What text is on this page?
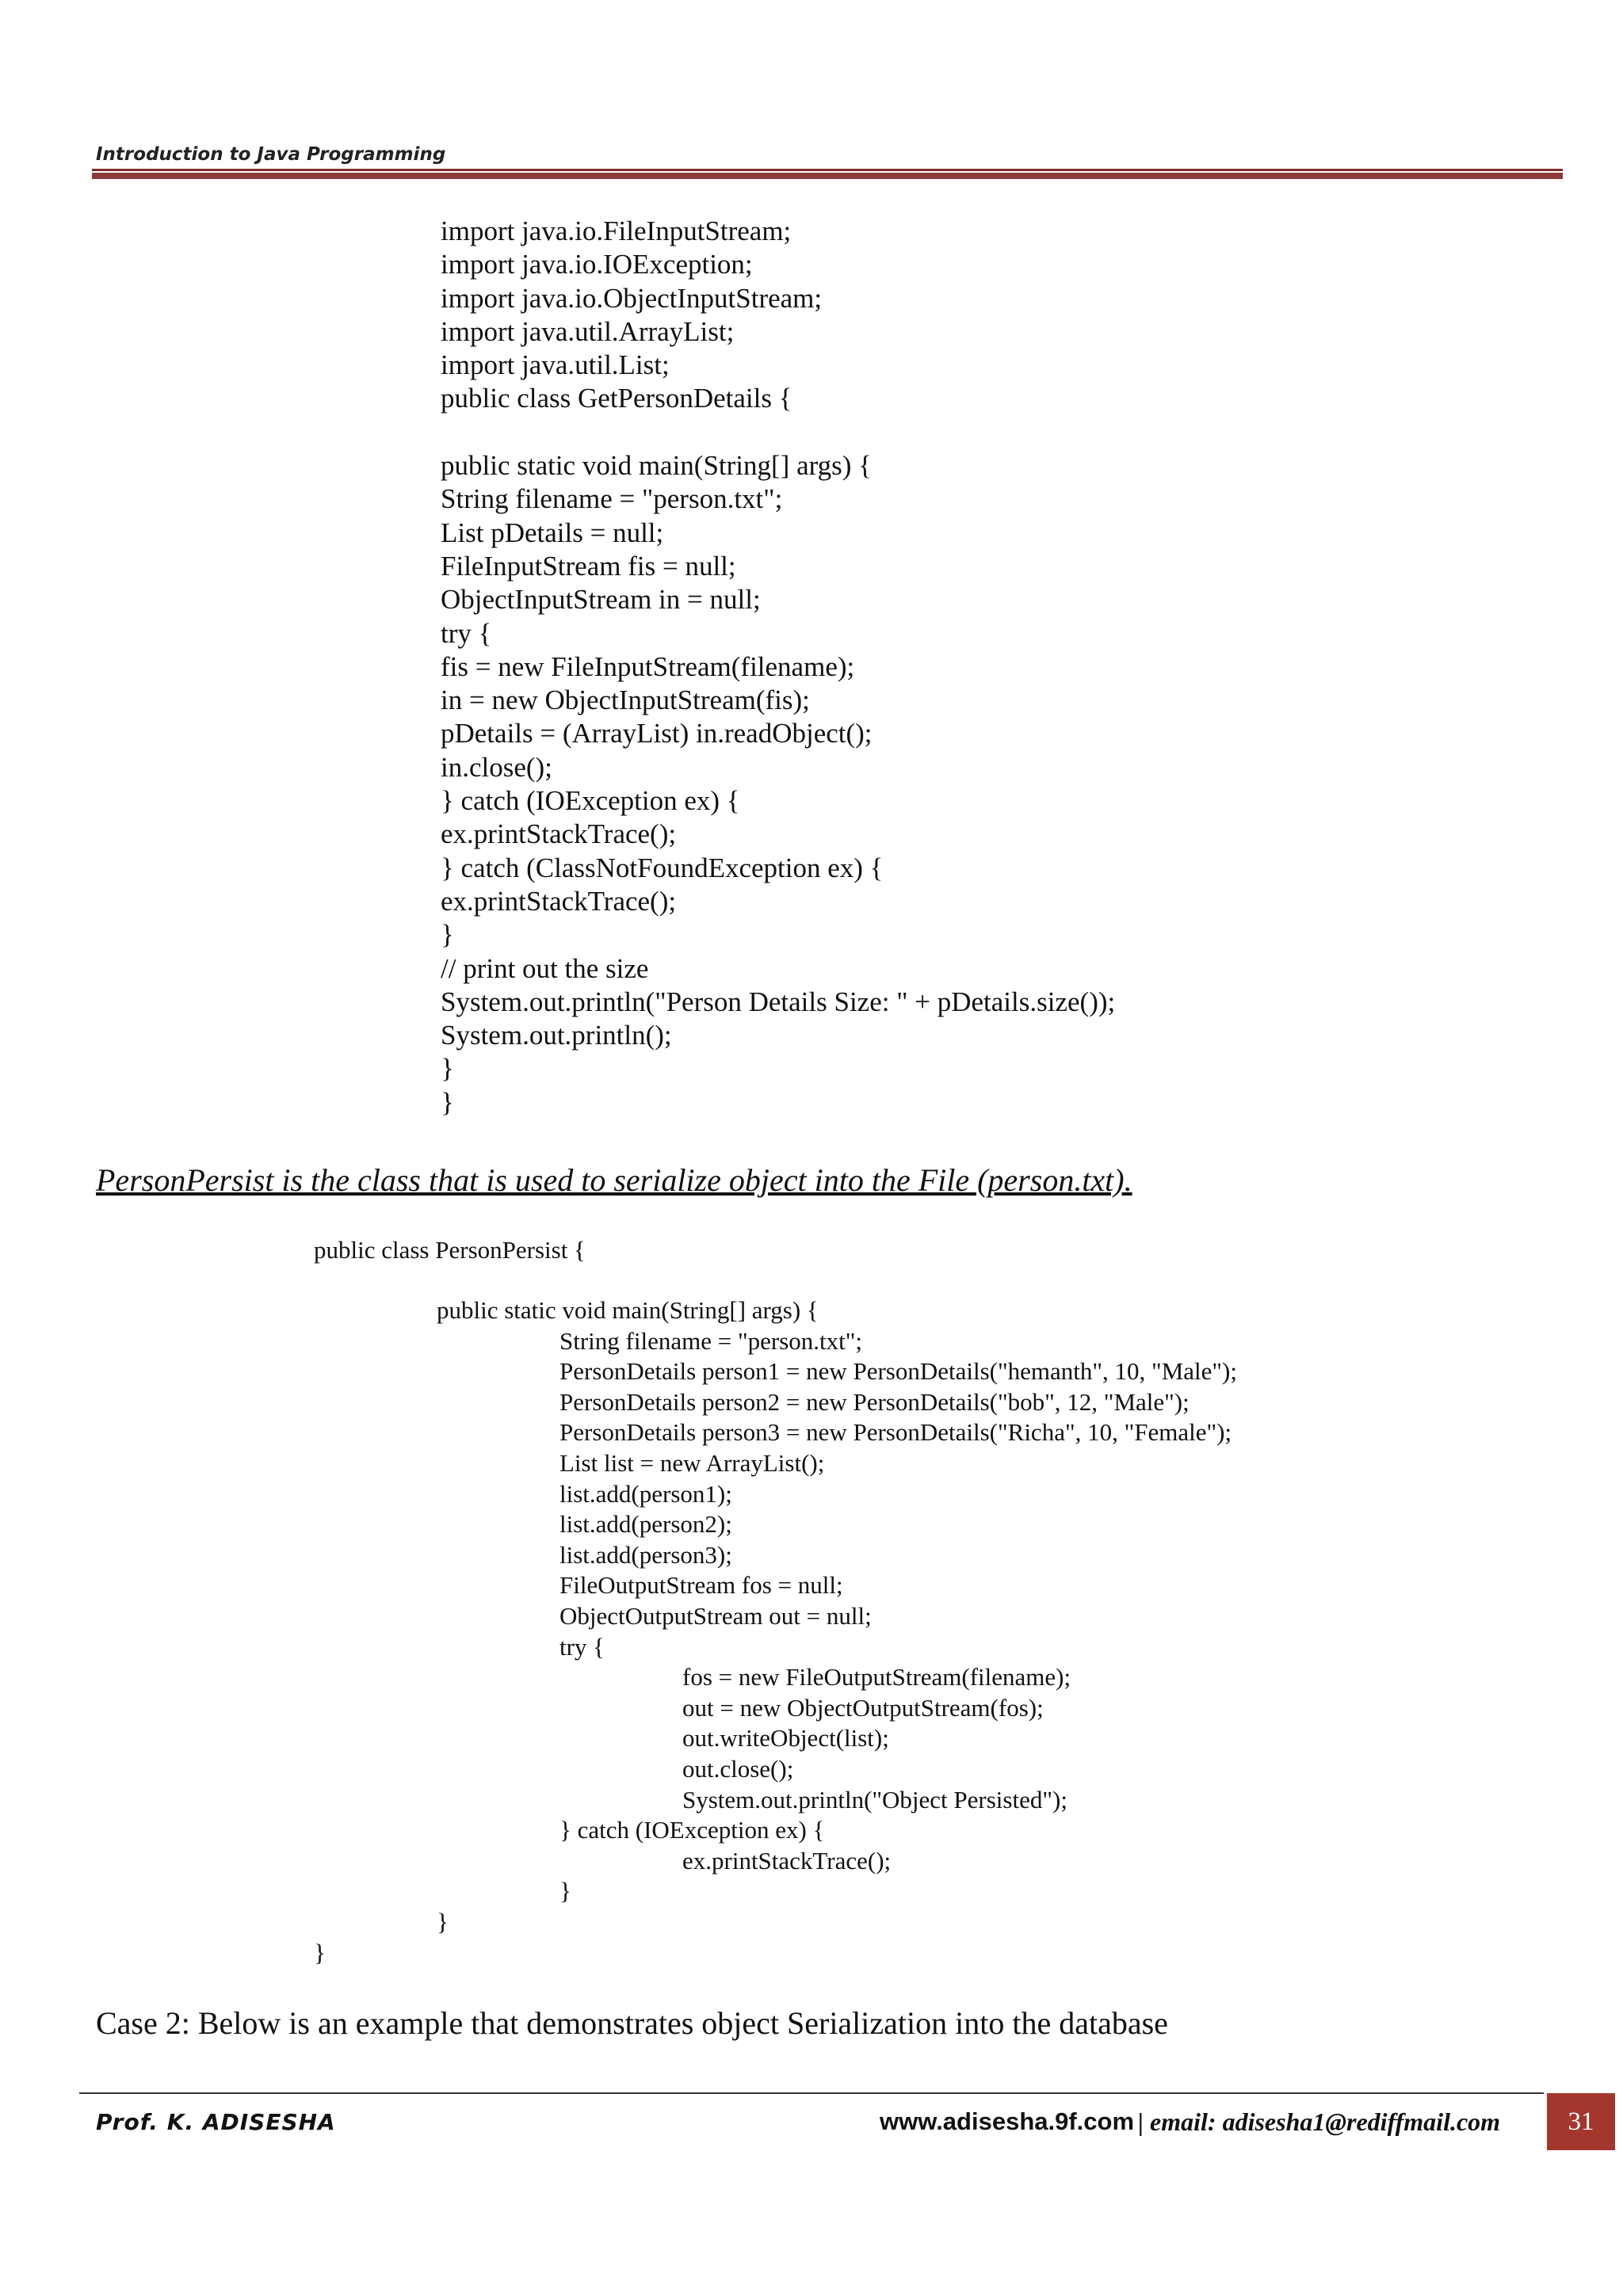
Introduction to Java Programming
import java.io.FileInputStream;
import java.io.IOException;
import java.io.ObjectInputStream;
import java.util.ArrayList;
import java.util.List;
public class GetPersonDetails {
public static void main(String[] args) {
String filename = "person.txt";
List pDetails = null;
FileInputStream fis = null;
ObjectInputStream in = null;
try {
fis = new FileInputStream(filename);
in = new ObjectInputStream(fis);
pDetails = (ArrayList) in.readObject();
in.close();
} catch (IOException ex) {
ex.printStackTrace();
} catch (ClassNotFoundException ex) {
ex.printStackTrace();
}
// print out the size
System.out.println("Person Details Size: " + pDetails.size());
System.out.println();
}
}
PersonPersist is the class that is used to serialize object into the File (person.txt).
public class PersonPersist {
public static void main(String[] args) {
String filename = "person.txt";
PersonDetails person1 = new PersonDetails("hemanth", 10, "Male");
PersonDetails person2 = new PersonDetails("bob", 12, "Male");
PersonDetails person3 = new PersonDetails("Richa", 10, "Female");
List list = new ArrayList();
list.add(person1);
list.add(person2);
list.add(person3);
FileOutputStream fos = null;
ObjectOutputStream out = null;
try {
fos = new FileOutputStream(filename);
out = new ObjectOutputStream(fos);
out.writeObject(list);
out.close();
System.out.println("Object Persisted");
} catch (IOException ex) {
ex.printStackTrace();
}
}
}
Case 2: Below is an example that demonstrates object Serialization into the database
Prof. K. ADISESHA	www.adisesha.9f.com | email: adisesha1@rediffmail.com	31
